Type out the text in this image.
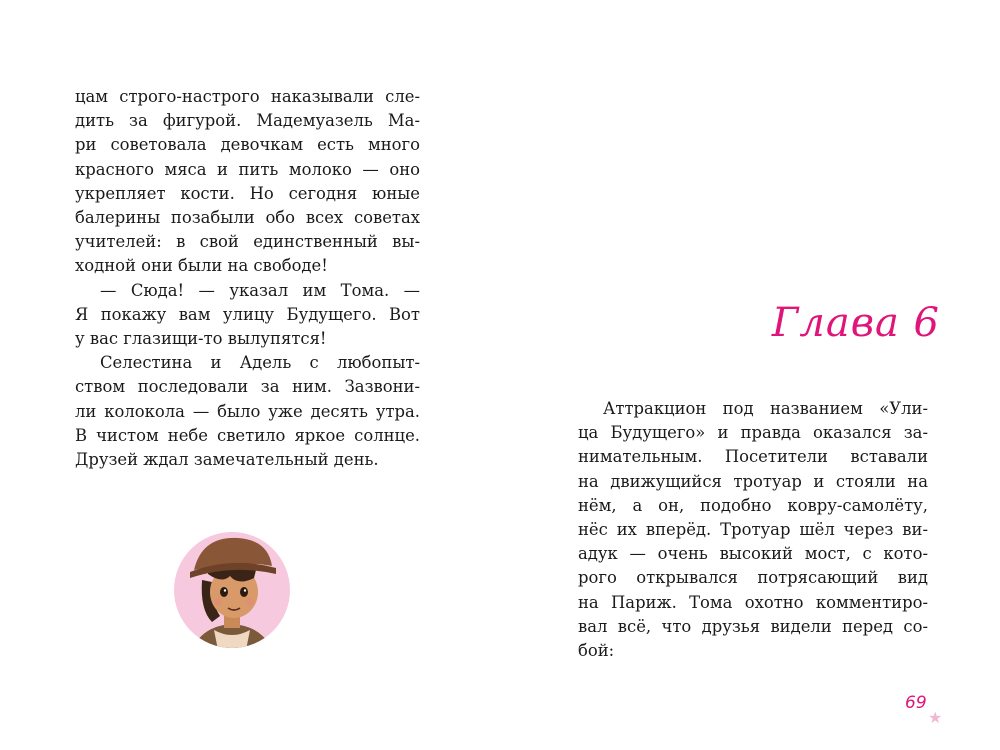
цам строго-настрого наказывали сле-
дить за фигурой. Мадемуазель Ма-
ри советовала девочкам есть много
красного мяса и пить молоко — оно
укрепляет кости. Но сегодня юные
балерины позабыли обо всех советах
учителей: в свой единственный вы-
ходной они были на свободе!

— Сюда! — указал им Тома. —
Я покажу вам улицу Будущего. Вот
у вас глазищи-то вылупятся!

Селестина и Адель с любопыт-
ством последовали за ним. Зазвони-
ли колокола — было уже десять утра.
В чистом небе светило яркое солнце.
Друзей ждал замечательный день.

Глава 6

Аттракцион под названием «Ули-
ца Будущего» и правда оказался за-
нимательным. Посетители вставали
на движущийся тротуар и стояли на
нём, а он, подобно ковру-самолёту,
нёс их вперёд. Тротуар шёл через ви-
адук — очень высокий мост, с кото-
рого открывался потрясающий вид
на Париж. Тома охотно комментиро-
вал всё, что друзья видели перед со-
бой:

69
★
